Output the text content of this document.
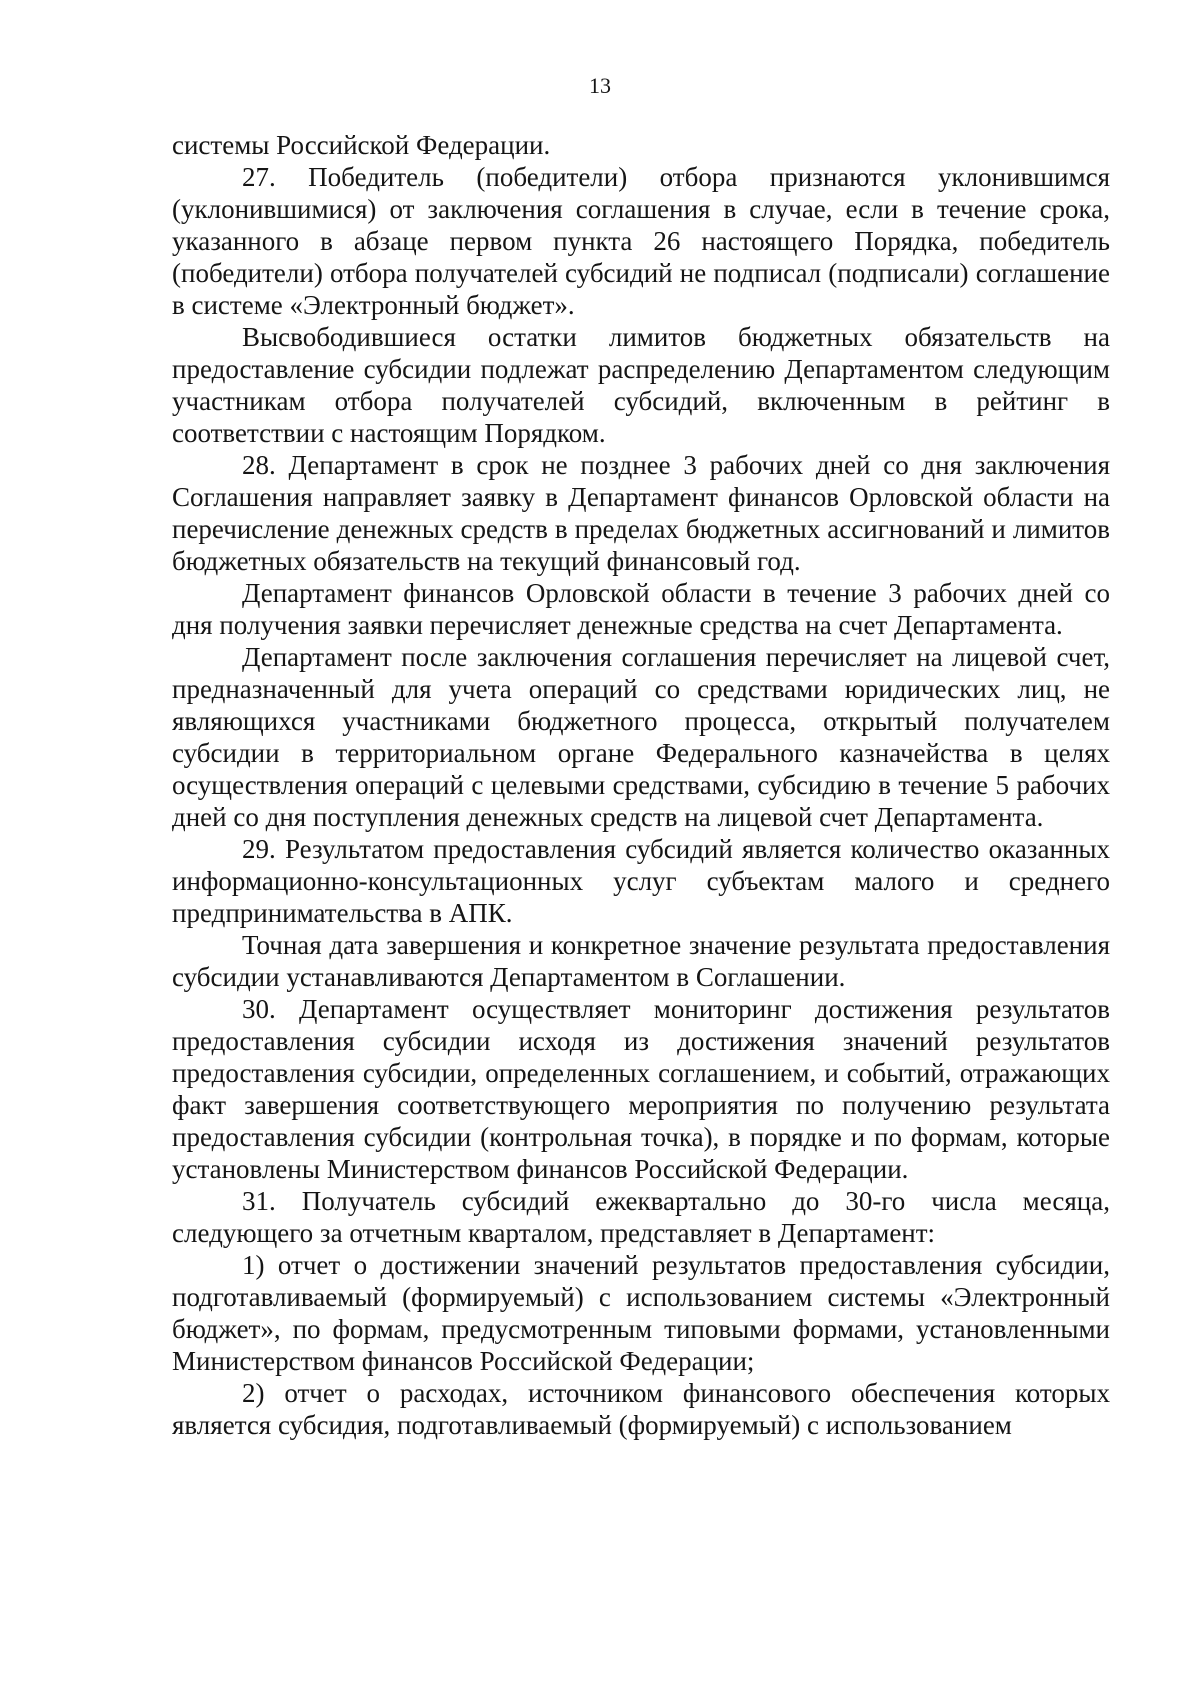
13

системы Российской Федерации.

27. Победитель (победители) отбора признаются уклонившимся (уклонившимися) от заключения соглашения в случае, если в течение срока, указанного в абзаце первом пункта 26 настоящего Порядка, победитель (победители) отбора получателей субсидий не подписал (подписали) соглашение в системе «Электронный бюджет».

Высвободившиеся остатки лимитов бюджетных обязательств на предоставление субсидии подлежат распределению Департаментом следующим участникам отбора получателей субсидий, включенным в рейтинг в соответствии с настоящим Порядком.

28. Департамент в срок не позднее 3 рабочих дней со дня заключения Соглашения направляет заявку в Департамент финансов Орловской области на перечисление денежных средств в пределах бюджетных ассигнований и лимитов бюджетных обязательств на текущий финансовый год.

Департамент финансов Орловской области в течение 3 рабочих дней со дня получения заявки перечисляет денежные средства на счет Департамента.

Департамент после заключения соглашения перечисляет на лицевой счет, предназначенный для учета операций со средствами юридических лиц, не являющихся участниками бюджетного процесса, открытый получателем субсидии в территориальном органе Федерального казначейства в целях осуществления операций с целевыми средствами, субсидию в течение 5 рабочих дней со дня поступления денежных средств на лицевой счет Департамента.

29. Результатом предоставления субсидий является количество оказанных информационно-консультационных услуг субъектам малого и среднего предпринимательства в АПК.

Точная дата завершения и конкретное значение результата предоставления субсидии устанавливаются Департаментом в Соглашении.

30. Департамент осуществляет мониторинг достижения результатов предоставления субсидии исходя из достижения значений результатов предоставления субсидии, определенных соглашением, и событий, отражающих факт завершения соответствующего мероприятия по получению результата предоставления субсидии (контрольная точка), в порядке и по формам, которые установлены Министерством финансов Российской Федерации.

31. Получатель субсидий ежеквартально до 30-го числа месяца, следующего за отчетным кварталом, представляет в Департамент:

1) отчет о достижении значений результатов предоставления субсидии, подготавливаемый (формируемый) с использованием системы «Электронный бюджет», по формам, предусмотренным типовыми формами, установленными Министерством финансов Российской Федерации;

2) отчет о расходах, источником финансового обеспечения которых является субсидия, подготавливаемый (формируемый) с использованием
